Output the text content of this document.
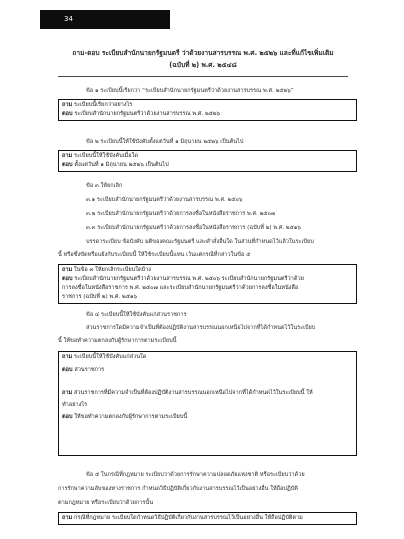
34
ถาม-ตอบ ระเบียบสำนักนายกรัฐมนตรี ว่าด้วยงานสารบรรณ พ.ศ. ๒๕๒๖ และที่แก้ไขเพิ่มเติม
(ฉบับที่ ๒) พ.ศ. ๒๕๔๘
ข้อ ๑ ระเบียบนี้เรียกว่า “ระเบียบสำนักนายกรัฐมนตรีว่าด้วยงานสารบรรณ พ.ศ. ๒๕๒๖”
ถาม ระเบียบนี้เรียกว่าอย่างไร
ตอบ ระเบียบสำนักนายกรัฐมนตรีว่าด้วยงานสารบรรณ พ.ศ. ๒๕๒๖
ข้อ ๒ ระเบียบนี้ให้ใช้บังคับตั้งแต่วันที่ ๑ มิถุนายน ๒๕๒๖ เป็นต้นไป
ถาม ระเบียบนี้ให้ใช้บังคับเมื่อใด
ตอบ ตั้งแต่วันที่ ๑ มิถุนายน ๒๕๒๖ เป็นต้นไป
ข้อ ๓ ให้ยกเลิก
๓.๑ ระเบียบสำนักนายกรัฐมนตรีว่าด้วยงานสารบรรณ พ.ศ. ๒๕๐๖
๓.๒ ระเบียบสำนักนายกรัฐมนตรีว่าด้วยการลงชื่อในหนังสือราชการ พ.ศ. ๒๕๐๗
๓.๓ ระเบียบสำนักนายกรัฐมนตรีว่าด้วยการลงชื่อในหนังสือราชการ (ฉบับที่ ๒) พ.ศ. ๒๕๑๖
บรรดาระเบียบ ข้อบังคับ มติของคณะรัฐมนตรี และคำสั่งอื่นใด ในส่วนที่กำหนดไว้แล้วในระเบียบ
นี้ หรือซึ่งขัดหรือแย้งกับระเบียบนี้ ให้ใช้ระเบียบนี้แทน เว้นแต่กรณีที่กล่าวในข้อ ๕
ถาม ในข้อ ๓ ให้ยกเลิกระเบียบใดบ้าง
ตอบ ระเบียบสำนักนายกรัฐมนตรีว่าด้วยงานสารบรรณ พ.ศ. ๒๕๐๖ ระเบียบสำนักนายกรัฐมนตรีว่าด้วย
การลงชื่อในหนังสือราชการ พ.ศ. ๒๕๐๗ และระเบียบสำนักนายกรัฐมนตรีว่าด้วยการลงชื่อในหนังสือ
ราชการ (ฉบับที่ ๒) พ.ศ. ๒๕๑๖
ข้อ ๔ ระเบียบนี้ให้ใช้บังคับแก่ส่วนราชการ
ส่วนราชการใดมีความจำเป็นที่ต้องปฏิบัติงานสารบรรณนอกเหนือไปจากที่ได้กำหนดไว้ในระเบียบ
นี้ ให้ขอทำความตกลงกับผู้รักษาการตามระเบียบนี้
ถาม ระเบียบนี้ให้ใช้บังคับแก่ส่วนใด
ตอบ ส่วนราชการ
ถาม ส่วนราชการที่มีความจำเป็นที่ต้องปฏิบัติงานสารบรรณนอกเหนือไปจากที่ได้กำหนดไว้ในระเบียบนี้ ให้
ทำอย่างไร
ตอบ ให้ขอทำความตกลงกับผู้รักษาการตามระเบียบนี้
ข้อ ๕ ในกรณีที่กฎหมาย ระเบียบว่าด้วยการรักษาความปลอดภัยแห่งชาติ หรือระเบียบว่าด้วย
การรักษาความลับของทางราชการ กำหนดวิธีปฏิบัติเกี่ยวกับงานสารบรรณไว้เป็นอย่างอื่น ให้ถือปฏิบัติ
ตามกฎหมาย หรือระเบียบว่าด้วยการนั้น
ถาม กรณีที่กฎหมาย ระเบียบใดกำหนดวิธีปฏิบัติเกี่ยวกับงานสารบรรณไว้เป็นอย่างอื่น ให้ถือปฏิบัติตาม
